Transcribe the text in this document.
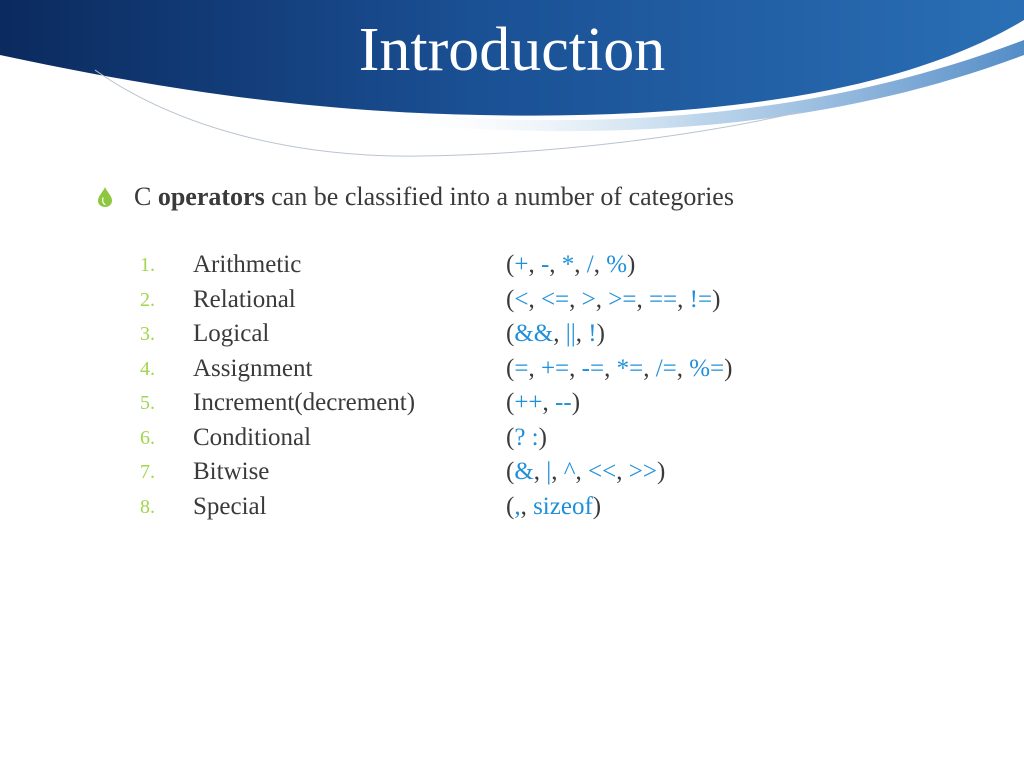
Introduction
C operators can be classified into a number of categories
1.	Arithmetic	(+, -, *, /, %)
2.	Relational	(<, <=, >, >=, ==, !=)
3.	Logical	(&&, ||, !)
4.	Assignment	(=, +=, -=, *=, /=, %=)
5.	Increment(decrement)	(++, --)
6.	Conditional	(? :)
7.	Bitwise	(&, |, ^, <<, >>)
8.	Special	(,, sizeof)
